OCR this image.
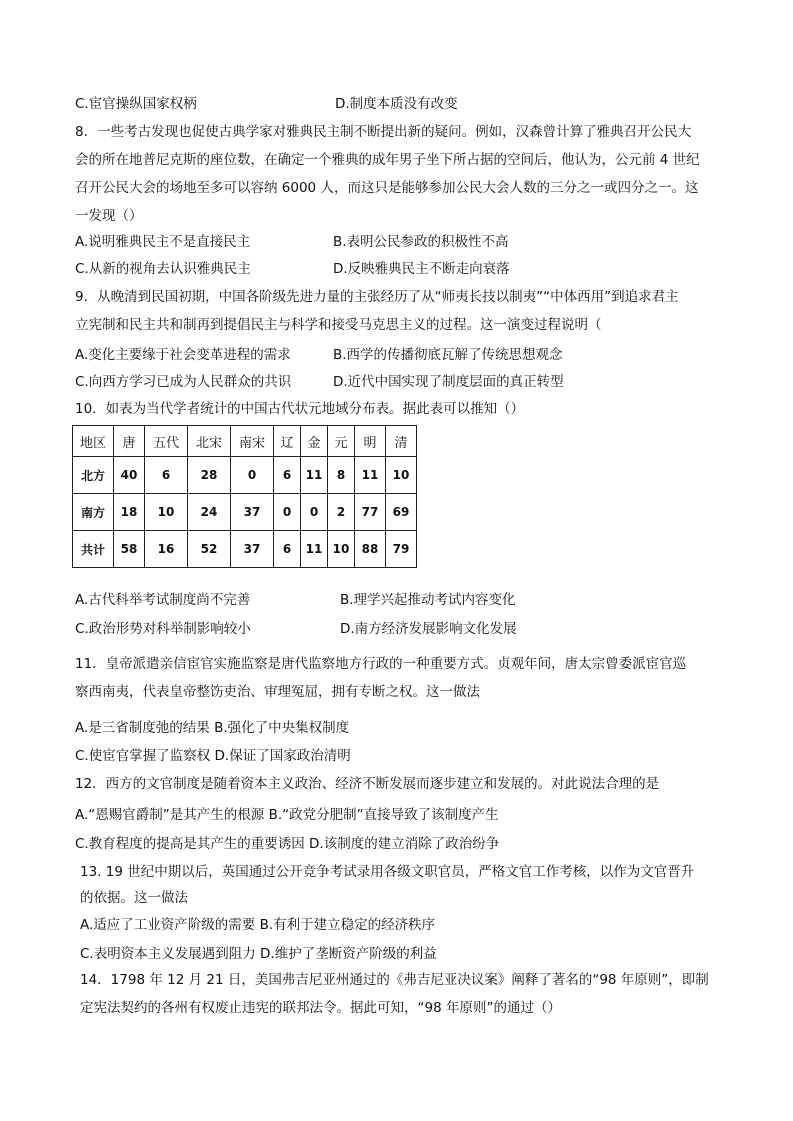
C.宦官操纵国家权柄	D.制度本质没有改变
8．一些考古发现也促使古典学家对雅典民主制不断提出新的疑问。例如，汉森曾计算了雅典召开公民大
会的所在地普尼克斯的座位数，在确定一个雅典的成年男子坐下所占据的空间后，他认为，公元前 4 世纪
召开公民大会的场地至多可以容纳 6000 人，而这只是能够参加公民大会人数的三分之一或四分之一。这
一发现（）
A.说明雅典民主不是直接民主	B.表明公民参政的积极性不高
C.从新的视角去认识雅典民主	D.反映雅典民主不断走向衰落
9．从晚清到民国初期，中国各阶级先进力量的主张经历了从“师夷长技以制夷”“中体西用”到追求君主
立宪制和民主共和制再到提倡民主与科学和接受马克思主义的过程。这一演变过程说明（
A.变化主要缘于社会变革进程的需求	B.西学的传播彻底瓦解了传统思想观念
C.向西方学习已成为人民群众的共识	D.近代中国实现了制度层面的真正转型
10．如表为当代学者统计的中国古代状元地域分布表。据此表可以推知（）
地区	唐	五代	北宋	南宋	辽	金	元	明	清
北方	40	6	28	0	6	11	8	11	10
南方	18	10	24	37	0	0	2	77	69
共计	58	16	52	37	6	11	10	88	79
A.古代科举考试制度尚不完善	B.理学兴起推动考试内容变化
C.政治形势对科举制影响较小	D.南方经济发展影响文化发展
11．皇帝派遣亲信宦官实施监察是唐代监察地方行政的一种重要方式。贞观年间，唐太宗曾委派宦官巡
察西南夷，代表皇帝整饬吏治、审理冤屈，拥有专断之权。这一做法
A.是三省制度弛的结果 B.强化了中央集权制度
C.使宦官掌握了监察权 D.保证了国家政治清明
12．西方的文官制度是随着资本主义政治、经济不断发展而逐步建立和发展的。对此说法合理的是
A.“恩赐官爵制”是其产生的根源 B.“政党分肥制”直接导致了该制度产生
C.教育程度的提高是其产生的重要诱因 D.该制度的建立消除了政治纷争
13. 19 世纪中期以后，英国通过公开竞争考试录用各级文职官员，严格文官工作考核，以作为文官晋升
的依据。这一做法
A.适应了工业资产阶级的需要 B.有利于建立稳定的经济秩序
C.表明资本主义发展遇到阻力 D.维护了垄断资产阶级的利益
14．1798 年 12 月 21 日，美国弗吉尼亚州通过的《弗吉尼亚决议案》阐释了著名的“98 年原则”，即制
定宪法契约的各州有权废止违宪的联邦法令。据此可知，“98 年原则”的通过（）
